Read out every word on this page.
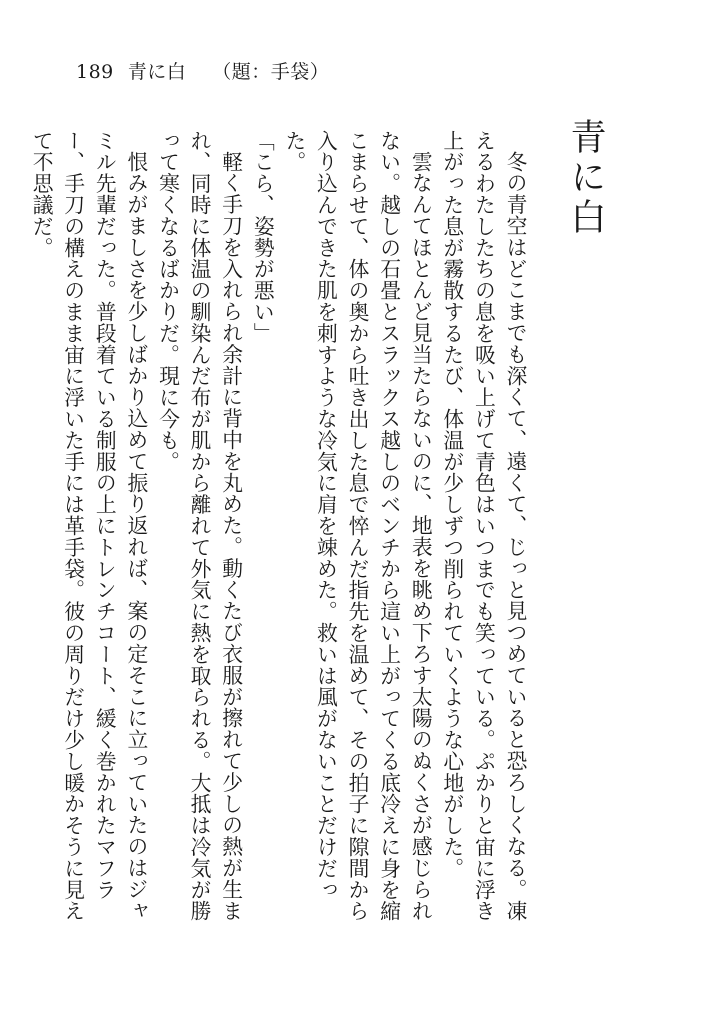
189 青に白 （題：手袋）
青に白

冬の青空はどこまでも深くて、遠くて、じっと見つめていると恐ろしくなる。凍えるわたしたちの息を吸い上げて青色はいつまでも笑っている。ぷかりと宙に浮き上がった息が霧散するたび、体温が少しずつ削られていくような心地がした。

雲なんてほとんど見当たらないのに、地表を眺め下ろす太陽のぬくさが感じられない。越しの石畳とスラックス越しのベンチから這い上がってくる底冷えに身を縮こまらせて、体の奥から吐き出した息で悴んだ指先を温めて、その拍子に隙間から入り込んできた肌を刺すような冷気に肩を竦めた。救いは風がないことだけだった。

「こら、姿勢が悪い」

軽く手刀を入れられ余計に背中を丸めた。動くたび衣服が擦れて少しの熱が生まれ、同時に体温の馴染んだ布が肌から離れて外気に熱を取られる。大抵は冷気が勝って寒くなるばかりだ。現に今も。

恨みがましさを少しばかり込めて振り返れば、案の定そこに立っていたのはジャミル先輩だった。普段着ている制服の上にトレンチコート、緩く巻かれたマフラー、手刀の構えのまま宙に浮いた手には革手袋。彼の周りだけ少し暖かそうに見えて不思議だ。
